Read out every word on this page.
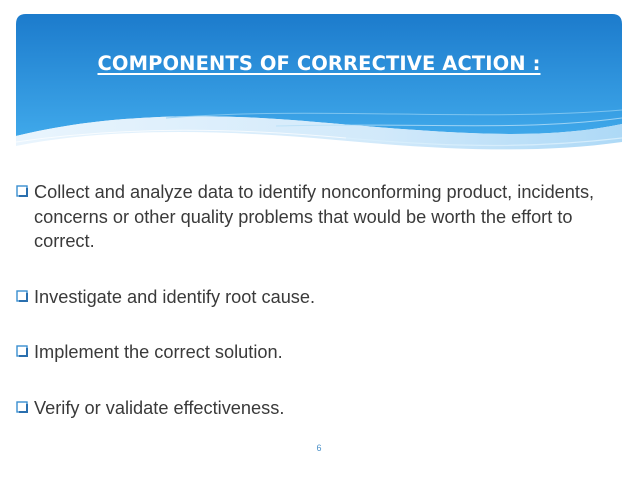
COMPONENTS OF CORRECTIVE ACTION :
Collect and analyze data to identify nonconforming product, incidents, concerns or other quality problems that would be worth the effort to correct.
Investigate and identify root cause.
Implement the correct solution.
Verify or validate effectiveness.
6
